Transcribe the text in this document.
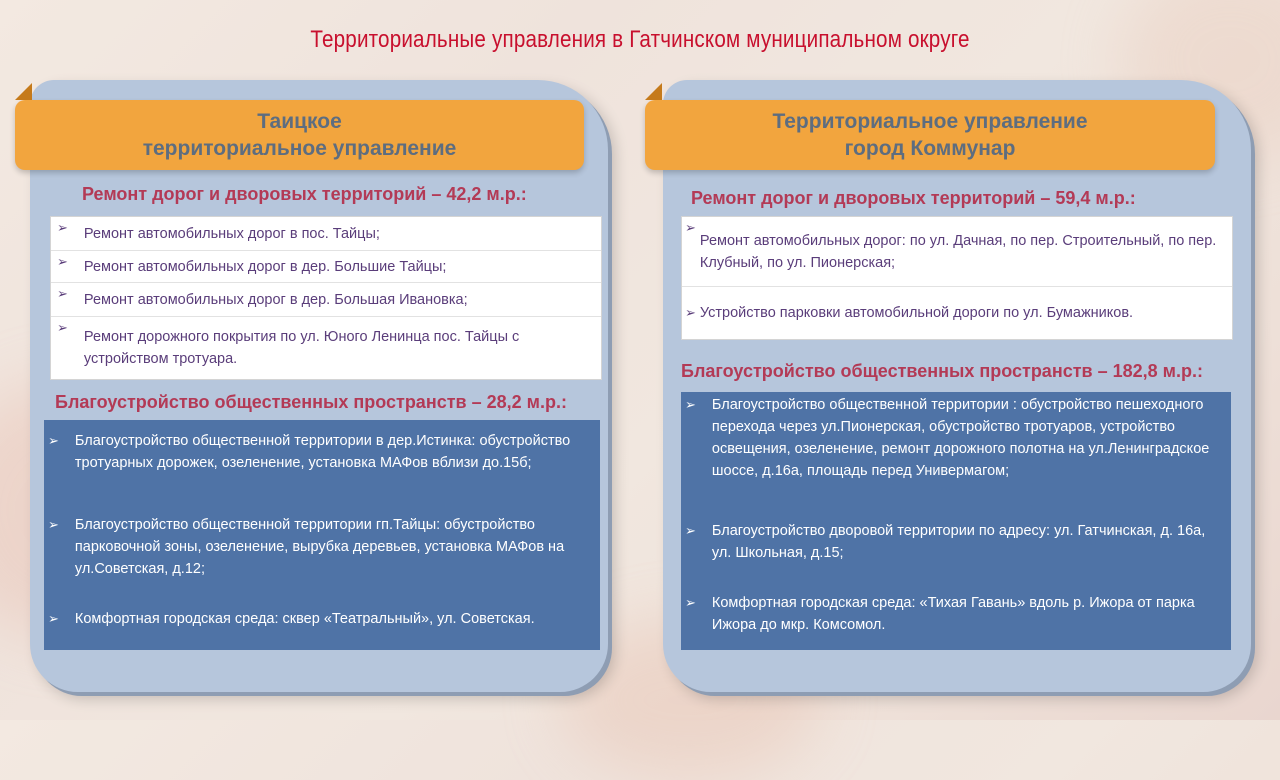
Территориальные управления в Гатчинском муниципальном округе
Таицкое
территориальное управление
Ремонт дорог и дворовых территорий – 42,2 м.р.:
➢ Ремонт автомобильных дорог в пос. Тайцы;
➢ Ремонт автомобильных дорог в дер. Большие Тайцы;
➢ Ремонт автомобильных дорог в дер. Большая Ивановка;
➢
Ремонт дорожного покрытия по ул. Юного Ленинца пос. Тайцы с устройством тротуара.
Благоустройство общественных пространств – 28,2 м.р.:
➢ Благоустройство общественной территории в дер.Истинка: обустройство тротуарных дорожек, озеленение, установка МАФов вблизи до.15б;
➢ Благоустройство общественной территории гп.Тайцы: обустройство парковочной зоны, озеленение, вырубка деревьев, установка МАФов на ул.Советская, д.12;
➢ Комфортная городская среда: сквер «Театральный», ул. Советская.
Территориальное управление
город Коммунар
Ремонт дорог и дворовых территорий – 59,4 м.р.:
➢
Ремонт автомобильных дорог: по ул. Дачная, по пер. Строительный, по пер. Клубный, по ул. Пионерская;
➢ Устройство парковки автомобильной дороги по ул. Бумажников.
Благоустройство общественных пространств – 182,8 м.р.:
➢ Благоустройство общественной территории : обустройство пешеходного перехода через ул.Пионерская, обустройство тротуаров, устройство освещения, озеленение, ремонт дорожного полотна на ул.Ленинградское шоссе, д.16а, площадь перед Универмагом;
➢ Благоустройство дворовой территории по адресу: ул. Гатчинская, д. 16а, ул. Школьная, д.15;
➢ Комфортная городская среда: «Тихая Гавань» вдоль р. Ижора от парка Ижора до мкр. Комсомол.
